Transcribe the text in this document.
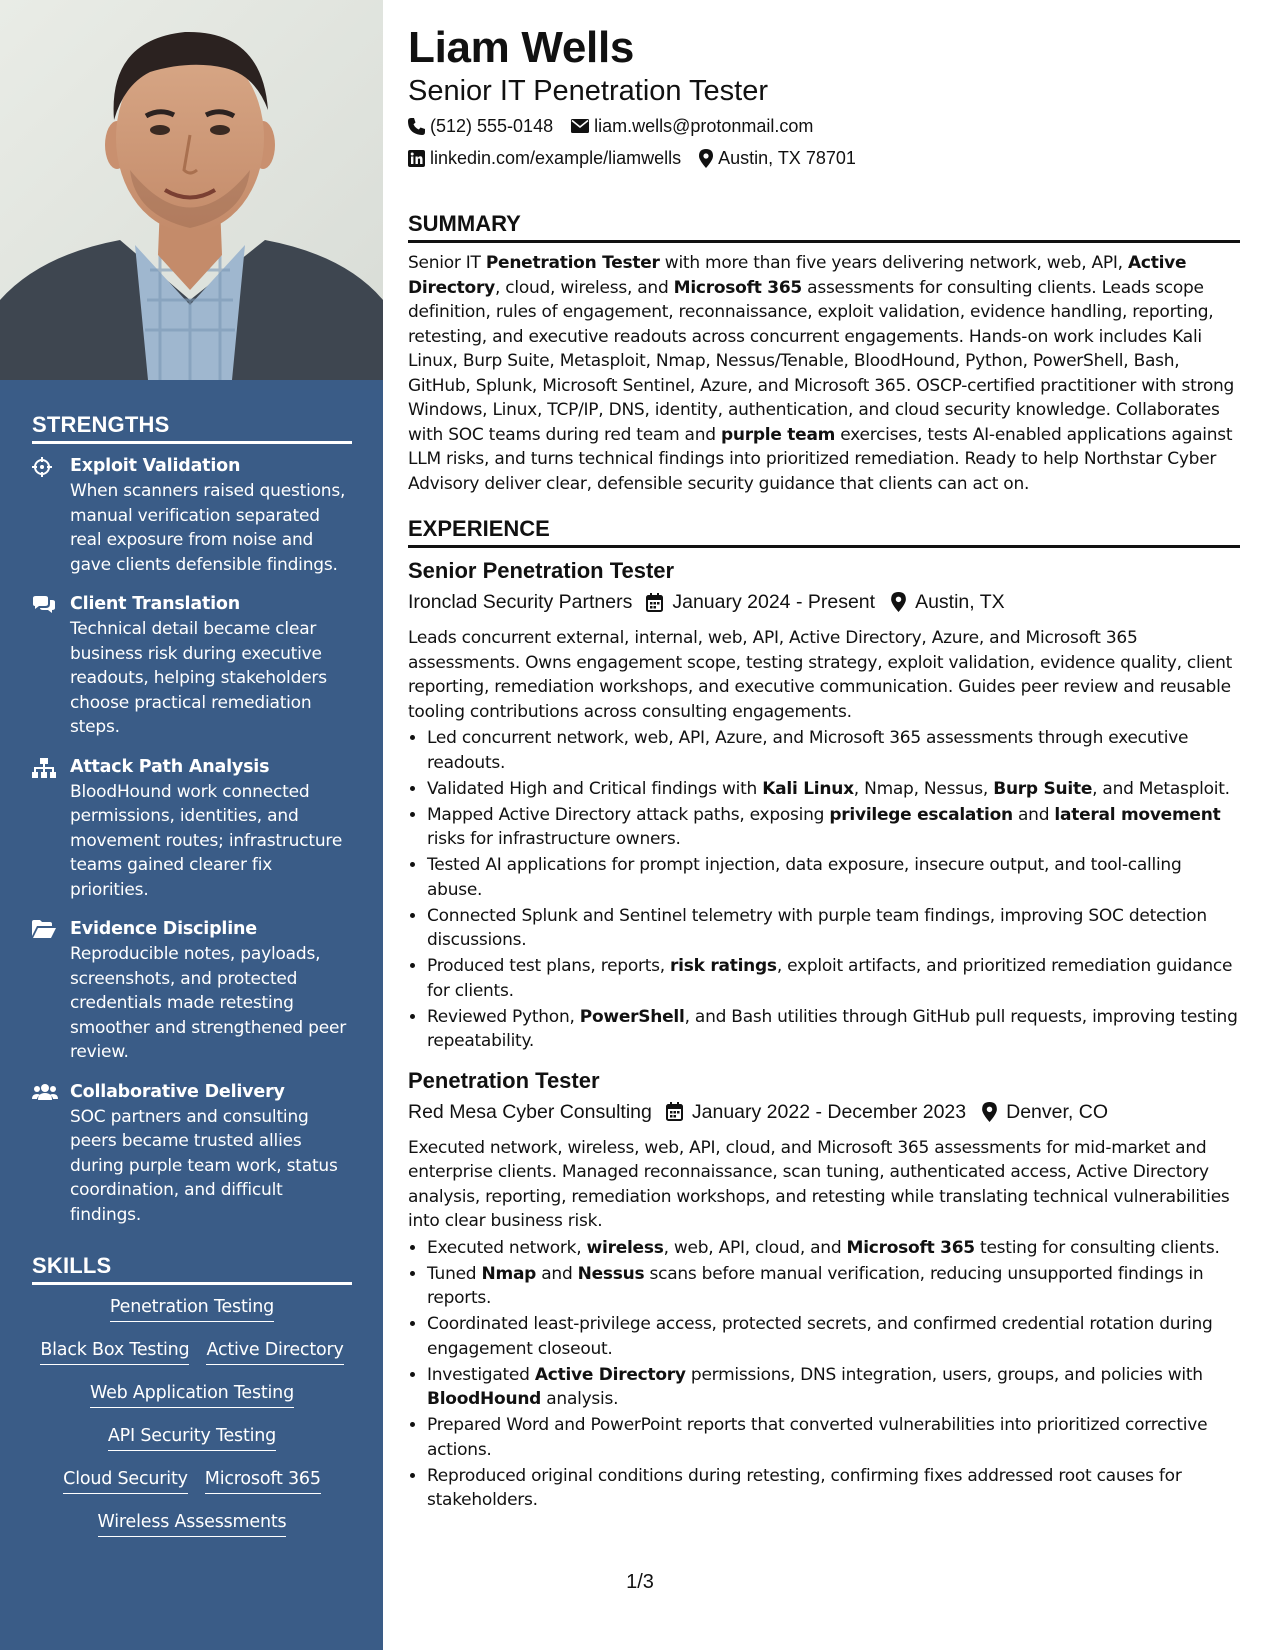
STRENGTHS
Exploit Validation
When scanners raised questions, manual verification separated real exposure from noise and gave clients defensible findings.
Client Translation
Technical detail became clear business risk during executive readouts, helping stakeholders choose practical remediation steps.
Attack Path Analysis
BloodHound work connected permissions, identities, and movement routes; infrastructure teams gained clearer fix priorities.
Evidence Discipline
Reproducible notes, payloads, screenshots, and protected credentials made retesting smoother and strengthened peer review.
Collaborative Delivery
SOC partners and consulting peers became trusted allies during purple team work, status coordination, and difficult findings.
SKILLS
Penetration Testing
Black Box Testing Active Directory
Web Application Testing
API Security Testing
Cloud Security Microsoft 365
Wireless Assessments
Liam Wells
Senior IT Penetration Tester
(512) 555-0148 liam.wells@protonmail.com
linkedin.com/example/liamwells Austin, TX 78701
SUMMARY

Senior IT Penetration Tester with more than five years delivering network, web, API, Active Directory, cloud, wireless, and Microsoft 365 assessments for consulting clients. Leads scope definition, rules of engagement, reconnaissance, exploit validation, evidence handling, reporting, retesting, and executive readouts across concurrent engagements. Hands-on work includes Kali Linux, Burp Suite, Metasploit, Nmap, Nessus/Tenable, BloodHound, Python, PowerShell, Bash, GitHub, Splunk, Microsoft Sentinel, Azure, and Microsoft 365. OSCP-certified practitioner with strong Windows, Linux, TCP/IP, DNS, identity, authentication, and cloud security knowledge. Collaborates with SOC teams during red team and purple team exercises, tests AI-enabled applications against LLM risks, and turns technical findings into prioritized remediation. Ready to help Northstar Cyber Advisory deliver clear, defensible security guidance that clients can act on.

EXPERIENCE
Senior Penetration Tester
Ironclad Security Partners January 2024 - Present Austin, TX

Leads concurrent external, internal, web, API, Active Directory, Azure, and Microsoft 365 assessments. Owns engagement scope, testing strategy, exploit validation, evidence quality, client reporting, remediation workshops, and executive communication. Guides peer review and reusable tooling contributions across consulting engagements.

• Led concurrent network, web, API, Azure, and Microsoft 365 assessments through executive readouts.
• Validated High and Critical findings with Kali Linux, Nmap, Nessus, Burp Suite, and Metasploit.
• Mapped Active Directory attack paths, exposing privilege escalation and lateral movement risks for infrastructure owners.
• Tested AI applications for prompt injection, data exposure, insecure output, and tool-calling abuse.
• Connected Splunk and Sentinel telemetry with purple team findings, improving SOC detection discussions.
• Produced test plans, reports, risk ratings, exploit artifacts, and prioritized remediation guidance for clients.
• Reviewed Python, PowerShell, and Bash utilities through GitHub pull requests, improving testing repeatability.
Penetration Tester
Red Mesa Cyber Consulting January 2022 - December 2023 Denver, CO

Executed network, wireless, web, API, cloud, and Microsoft 365 assessments for mid-market and enterprise clients. Managed reconnaissance, scan tuning, authenticated access, Active Directory analysis, reporting, remediation workshops, and retesting while translating technical vulnerabilities into clear business risk.

• Executed network, wireless, web, API, cloud, and Microsoft 365 testing for consulting clients.
• Tuned Nmap and Nessus scans before manual verification, reducing unsupported findings in reports.
• Coordinated least-privilege access, protected secrets, and confirmed credential rotation during engagement closeout.
• Investigated Active Directory permissions, DNS integration, users, groups, and policies with BloodHound analysis.
• Prepared Word and PowerPoint reports that converted vulnerabilities into prioritized corrective actions.
• Reproduced original conditions during retesting, confirming fixes addressed root causes for stakeholders.
1/3
